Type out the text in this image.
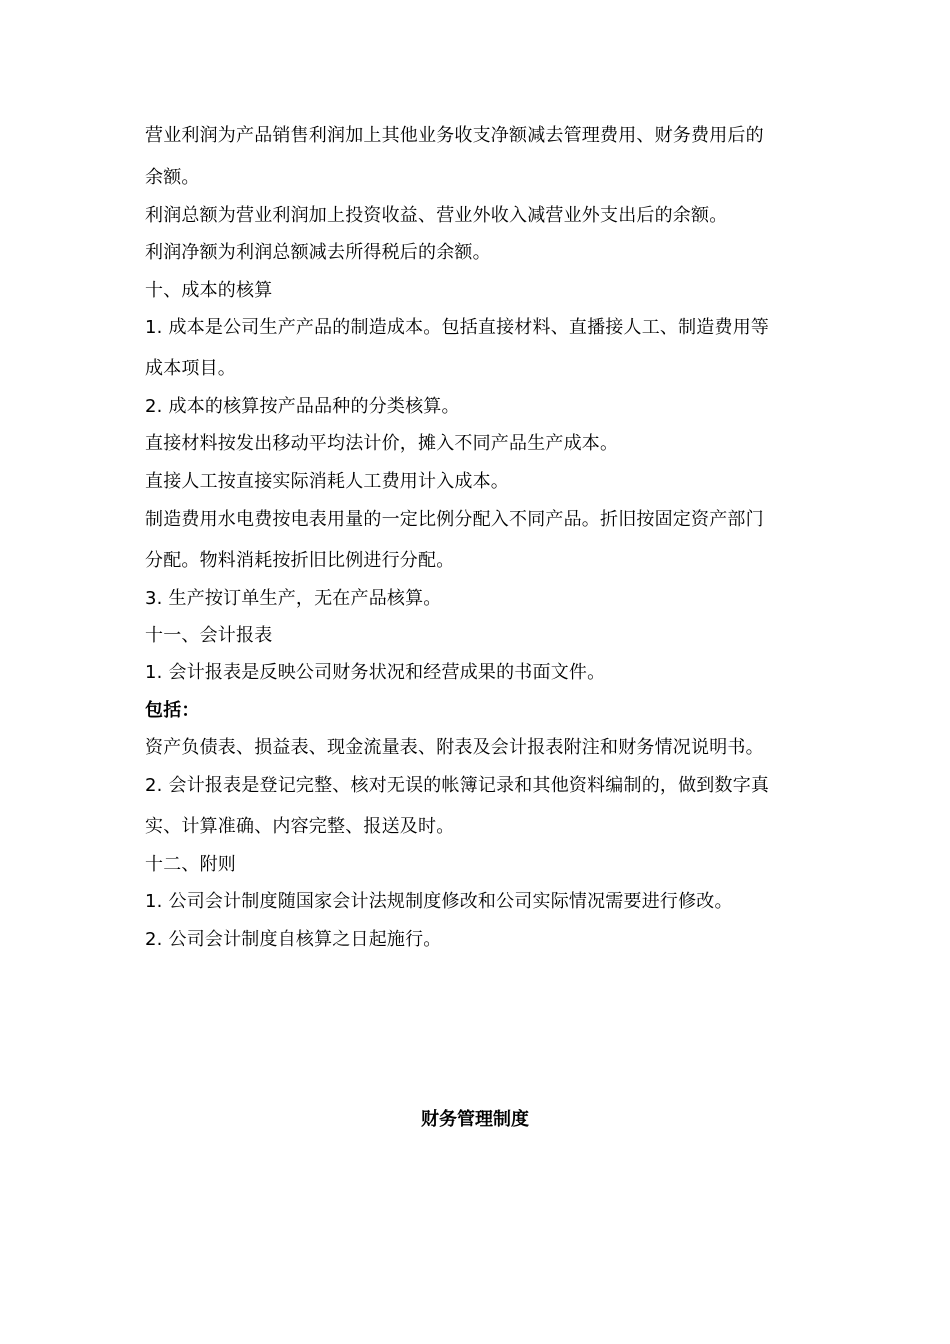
营业利润为产品销售利润加上其他业务收支净额减去管理费用、财务费用后的
余额。
利润总额为营业利润加上投资收益、营业外收入减营业外支出后的余额。
利润净额为利润总额减去所得税后的余额。
十、成本的核算
1. 成本是公司生产产品的制造成本。包括直接材料、直播接人工、制造费用等
成本项目。
2. 成本的核算按产品品种的分类核算。
直接材料按发出移动平均法计价，摊入不同产品生产成本。
直接人工按直接实际消耗人工费用计入成本。
制造费用水电费按电表用量的一定比例分配入不同产品。折旧按固定资产部门
分配。物料消耗按折旧比例进行分配。
3. 生产按订单生产，无在产品核算。
十一、会计报表
1. 会计报表是反映公司财务状况和经营成果的书面文件。
包括：
资产负债表、损益表、现金流量表、附表及会计报表附注和财务情况说明书。
2. 会计报表是登记完整、核对无误的帐簿记录和其他资料编制的，做到数字真
实、计算准确、内容完整、报送及时。
十二、附则
1. 公司会计制度随国家会计法规制度修改和公司实际情况需要进行修改。
2. 公司会计制度自核算之日起施行。
财务管理制度
